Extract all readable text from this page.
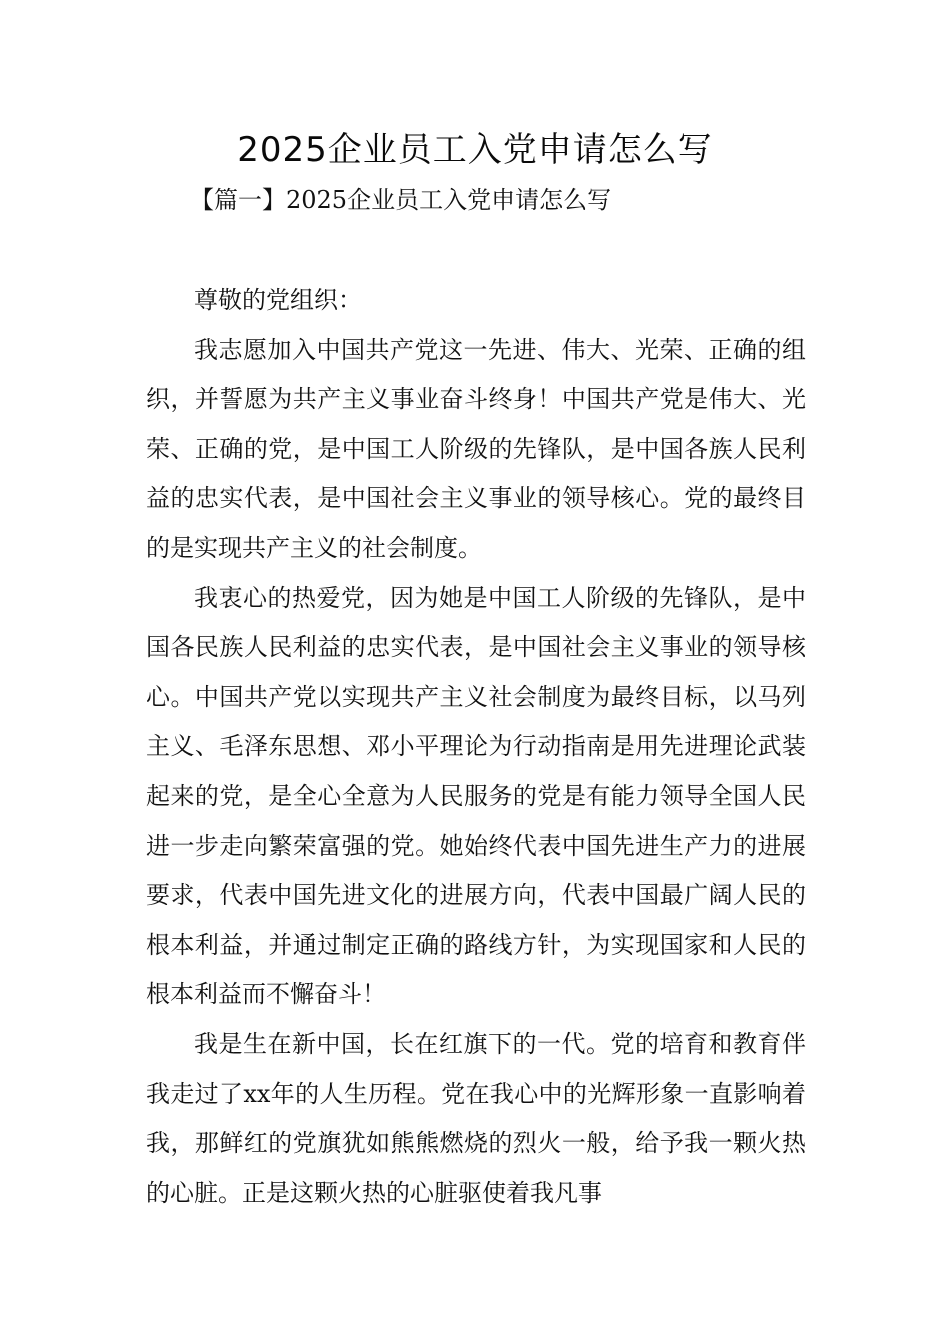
2025企业员工入党申请怎么写
【篇一】2025企业员工入党申请怎么写

尊敬的党组织：

我志愿加入中国共产党这一先进、伟大、光荣、正确的组织，并誓愿为共产主义事业奋斗终身！中国共产党是伟大、光荣、正确的党，是中国工人阶级的先锋队，是中国各族人民利益的忠实代表，是中国社会主义事业的领导核心。党的最终目的是实现共产主义的社会制度。

我衷心的热爱党，因为她是中国工人阶级的先锋队，是中国各民族人民利益的忠实代表，是中国社会主义事业的领导核心。中国共产党以实现共产主义社会制度为最终目标，以马列主义、毛泽东思想、邓小平理论为行动指南是用先进理论武装起来的党，是全心全意为人民服务的党是有能力领导全国人民进一步走向繁荣富强的党。她始终代表中国先进生产力的进展要求，代表中国先进文化的进展方向，代表中国最广阔人民的根本利益，并通过制定正确的路线方针，为实现国家和人民的根本利益而不懈奋斗！

我是生在新中国，长在红旗下的一代。党的培育和教育伴我走过了xx年的人生历程。党在我心中的光辉形象一直影响着我，那鲜红的党旗犹如熊熊燃烧的烈火一般，给予我一颗火热的心脏。正是这颗火热的心脏驱使着我凡事
